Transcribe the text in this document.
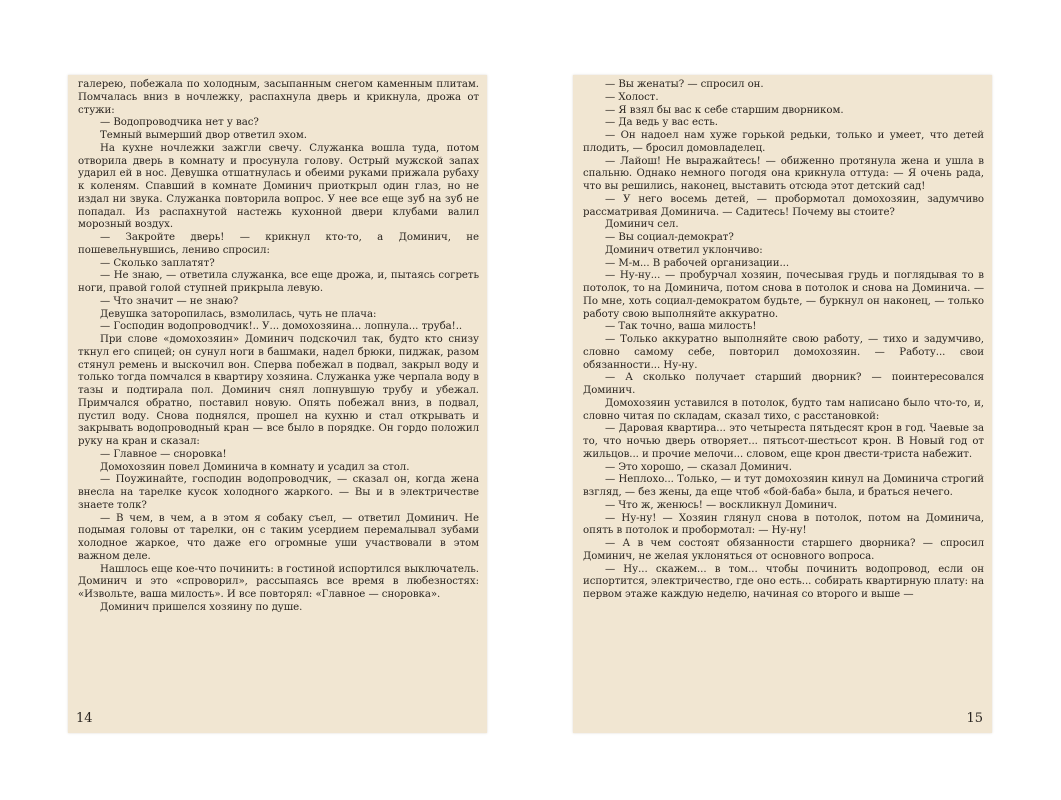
галерею, побежала по холодным, засыпанным снегом каменным плитам. Помчалась вниз в ночлежку, распахнула дверь и крикнула, дрожа от стужи:

— Водопроводчика нет у вас?

Темный вымерший двор ответил эхом.

На кухне ночлежки зажгли свечу. Служанка вошла туда, потом отворила дверь в комнату и просунула голову. Острый мужской запах ударил ей в нос. Девушка отшатнулась и обеими руками прижала рубаху к коленям. Спавший в комнате Доминич приоткрыл один глаз, но не издал ни звука. Служанка повторила вопрос. У нее все еще зуб на зуб не попадал. Из распахнутой настежь кухонной двери клубами валил морозный воздух.

— Закройте дверь! — крикнул кто-то, а Доминич, не пошевельнувшись, лениво спросил:

— Сколько заплатят?

— Не знаю, — ответила служанка, все еще дрожа, и, пытаясь согреть ноги, правой голой ступней прикрыла левую.

— Что значит — не знаю?

Девушка заторопилась, взмолилась, чуть не плача:

— Господин водопроводчик!.. У... домохозяина... лопнула... труба!..

При слове «домохозяин» Доминич подскочил так, будто кто снизу ткнул его спицей; он сунул ноги в башмаки, надел брюки, пиджак, разом стянул ремень и выскочил вон. Сперва побежал в подвал, закрыл воду и только тогда помчался в квартиру хозяина. Служанка уже черпала воду в тазы и подтирала пол. Доминич снял лопнувшую трубу и убежал. Примчался обратно, поставил новую. Опять побежал вниз, в подвал, пустил воду. Снова поднялся, прошел на кухню и стал открывать и закрывать водопроводный кран — все было в порядке. Он гордо положил руку на кран и сказал:

— Главное — сноровка!

Домохозяин повел Доминича в комнату и усадил за стол.

— Поужинайте, господин водопроводчик, — сказал он, когда жена внесла на тарелке кусок холодного жаркого. — Вы и в электричестве знаете толк?

— В чем, в чем, а в этом я собаку съел, — ответил Доминич. Не подымая головы от тарелки, он с таким усердием перемалывал зубами холодное жаркое, что даже его огромные уши участвовали в этом важном деле.

Нашлось еще кое-что починить: в гостиной испортился выключатель. Доминич и это «спроворил», рассыпаясь все время в любезностях: «Извольте, ваша милость». И все повторял: «Главное — сноровка».

Доминич пришелся хозяину по душе.

14

— Вы женаты? — спросил он.

— Холост.

— Я взял бы вас к себе старшим дворником.

— Да ведь у вас есть.

— Он надоел нам хуже горькой редьки, только и умеет, что детей плодить, — бросил домовладелец.

— Лайош! Не выражайтесь! — обиженно протянула жена и ушла в спальню. Однако немного погодя она крикнула оттуда: — Я очень рада, что вы решились, наконец, выставить отсюда этот детский сад!

— У него восемь детей, — пробормотал домохозяин, задумчиво рассматривая Доминича. — Садитесь! Почему вы стоите?

Доминич сел.

— Вы социал-демократ?

Доминич ответил уклончиво:

— М-м... В рабочей организации...

— Ну-ну... — пробурчал хозяин, почесывая грудь и поглядывая то в потолок, то на Доминича, потом снова в потолок и снова на Доминича. — По мне, хоть социал-демократом будьте, — буркнул он наконец, — только работу свою выполняйте аккуратно.

— Так точно, ваша милость!

— Только аккуратно выполняйте свою работу, — тихо и задумчиво, словно самому себе, повторил домохозяин. — Работу... свои обязанности... Ну-ну.

— А сколько получает старший дворник? — поинтересовался Доминич.

Домохозяин уставился в потолок, будто там написано было что-то, и, словно читая по складам, сказал тихо, с расстановкой:

— Даровая квартира... это четыреста пятьдесят крон в год. Чаевые за то, что ночью дверь отворяет... пятьсот-шестьсот крон. В Новый год от жильцов... и прочие мелочи... словом, еще крон двести-триста набежит.

— Это хорошо, — сказал Доминич.

— Неплохо... Только, — и тут домохозяин кинул на Доминича строгий взгляд, — без жены, да еще чтоб «бой-баба» была, и браться нечего.

— Что ж, женюсь! — воскликнул Доминич.

— Ну-ну! — Хозяин глянул снова в потолок, потом на Доминича, опять в потолок и пробормотал: — Ну-ну!

— А в чем состоят обязанности старшего дворника? — спросил Доминич, не желая уклоняться от основного вопроса.

— Ну... скажем... в том... чтобы починить водопровод, если он испортится, электричество, где оно есть... собирать квартирную плату: на первом этаже каждую неделю, начиная со второго и выше —

15
